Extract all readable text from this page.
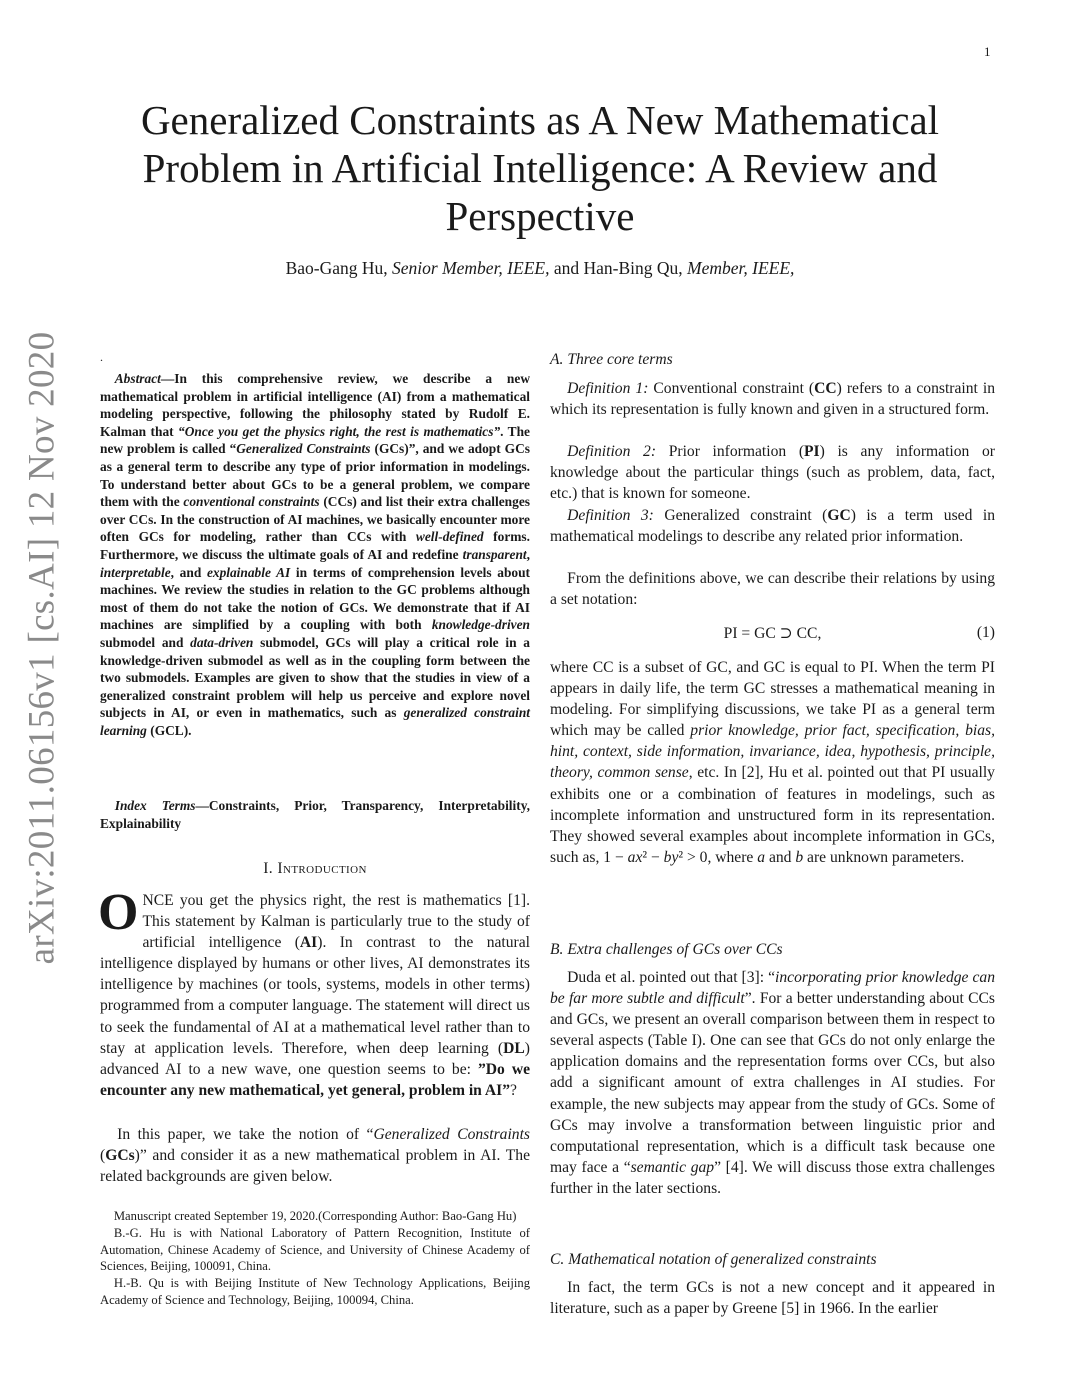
1
Generalized Constraints as A New Mathematical
Problem in Artificial Intelligence: A Review and
Perspective
Bao-Gang Hu, Senior Member, IEEE, and Han-Bing Qu, Member, IEEE,
arXiv:2011.06156v1 [cs.AI] 12 Nov 2020	.
Abstract—In this comprehensive review, we describe a new mathematical problem in artificial intelligence (AI) from a mathematical modeling perspective, following the philosophy stated by Rudolf E. Kalman that “Once you get the physics right, the rest is mathematics”. The new problem is called “Generalized Constraints (GCs)”, and we adopt GCs as a general term to describe any type of prior information in modelings. To understand better about GCs to be a general problem, we compare them with the conventional constraints (CCs) and list their extra challenges over CCs. In the construction of AI machines, we basically encounter more often GCs for modeling, rather than CCs with well-defined forms. Furthermore, we discuss the ultimate goals of AI and redefine transparent, interpretable, and explainable AI in terms of comprehension levels about machines. We review the studies in relation to the GC problems although most of them do not take the notion of GCs. We demonstrate that if AI machines are simplified by a coupling with both knowledge-driven submodel and data-driven submodel, GCs will play a critical role in a knowledge-driven submodel as well as in the coupling form between the two submodels. Examples are given to show that the studies in view of a generalized constraint problem will help us perceive and explore novel subjects in AI, or even in mathematics, such as generalized constraint learning (GCL).
Index Terms—Constraints, Prior, Transparency, Interpretability, Explainability
I. Introduction
ONCE you get the physics right, the rest is mathematics [1]. This statement by Kalman is particularly true to the study of artificial intelligence (AI). In contrast to the natural intelligence displayed by humans or other lives, AI demonstrates its intelligence by machines (or tools, systems, models in other terms) programmed from a computer language. The statement will direct us to seek the fundamental of AI at a mathematical level rather than to stay at application levels. Therefore, when deep learning (DL) advanced AI to a new wave, one question seems to be: ”Do we encounter any new mathematical, yet general, problem in AI”?
In this paper, we take the notion of “Generalized Constraints (GCs)” and consider it as a new mathematical problem in AI. The related backgrounds are given below.

Manuscript created September 19, 2020.(Corresponding Author: Bao-Gang Hu)

B.-G. Hu is with National Laboratory of Pattern Recognition, Institute of Automation, Chinese Academy of Science, and University of Chinese Academy of Sciences, Beijing, 100091, China.

H.-B. Qu is with Beijing Institute of New Technology Applications, Beijing Academy of Science and Technology, Beijing, 100094, China.

A. Three core terms
Definition 1: Conventional constraint (CC) refers to a constraint in which its representation is fully known and given in a structured form.
Definition 2: Prior information (PI) is any information or knowledge about the particular things (such as problem, data, fact, etc.) that is known for someone.
Definition 3: Generalized constraint (GC) is a term used in mathematical modelings to describe any related prior information.
From the definitions above, we can describe their relations by using a set notation:
PI = GC ⊃ CC,	(1)
where CC is a subset of GC, and GC is equal to PI. When the term PI appears in daily life, the term GC stresses a mathematical meaning in modeling. For simplifying discussions, we take PI as a general term which may be called prior knowledge, prior fact, specification, bias, hint, context, side information, invariance, idea, hypothesis, principle, theory, common sense, etc. In [2], Hu et al. pointed out that PI usually exhibits one or a combination of features in modelings, such as incomplete information and unstructured form in its representation. They showed several examples about incomplete information in GCs, such as, 1 − ax² − by² > 0, where a and b are unknown parameters.
B. Extra challenges of GCs over CCs
Duda et al. pointed out that [3]: “incorporating prior knowledge can be far more subtle and difficult”. For a better understanding about CCs and GCs, we present an overall comparison between them in respect to several aspects (Table I). One can see that GCs do not only enlarge the application domains and the representation forms over CCs, but also add a significant amount of extra challenges in AI studies. For example, the new subjects may appear from the study of GCs. Some of GCs may involve a transformation between linguistic prior and computational representation, which is a difficult task because one may face a “semantic gap” [4]. We will discuss those extra challenges further in the later sections.
C. Mathematical notation of generalized constraints
In fact, the term GCs is not a new concept and it appeared in literature, such as a paper by Greene [5] in 1966. In the earlier
